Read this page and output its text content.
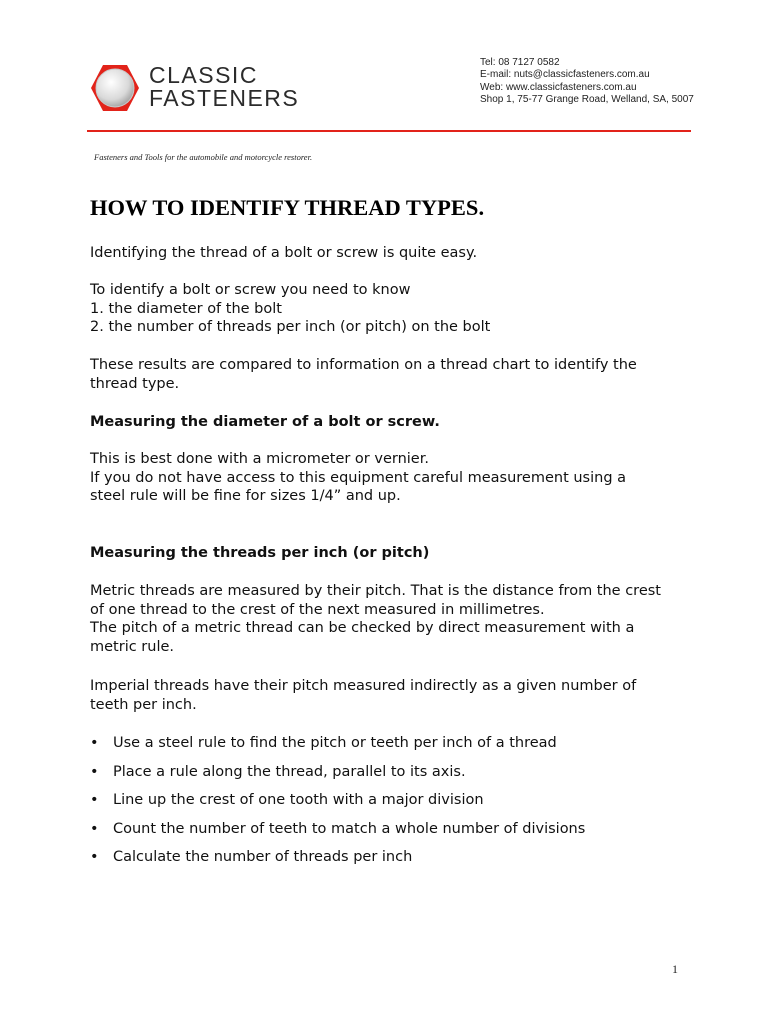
CLASSIC
FASTENERS
Tel: 08 7127 0582
E-mail: nuts@classicfasteners.com.au
Web: www.classicfasteners.com.au
Shop 1, 75-77 Grange Road, Welland, SA, 5007
Fasteners and Tools for the automobile and motorcycle restorer.
HOW TO IDENTIFY THREAD TYPES.

Identifying the thread of a bolt or screw is quite easy.

To identify a bolt or screw you need to know
1. the diameter of the bolt
2. the number of threads per inch (or pitch) on the bolt

These results are compared to information on a thread chart to identify the thread type.

Measuring the diameter of a bolt or screw.
This is best done with a micrometer or vernier.
If you do not have access to this equipment careful measurement using a steel rule will be fine for sizes 1/4” and up.
Measuring the threads per inch (or pitch)
Metric threads are measured by their pitch. That is the distance from the crest of one thread to the crest of the next measured in millimetres.
The pitch of a metric thread can be checked by direct measurement with a metric rule.

Imperial threads have their pitch measured indirectly as a given number of teeth per inch.

• Use a steel rule to find the pitch or teeth per inch of a thread
• Place a rule along the thread, parallel to its axis.
• Line up the crest of one tooth with a major division
• Count the number of teeth to match a whole number of divisions
• Calculate the number of threads per inch
1
